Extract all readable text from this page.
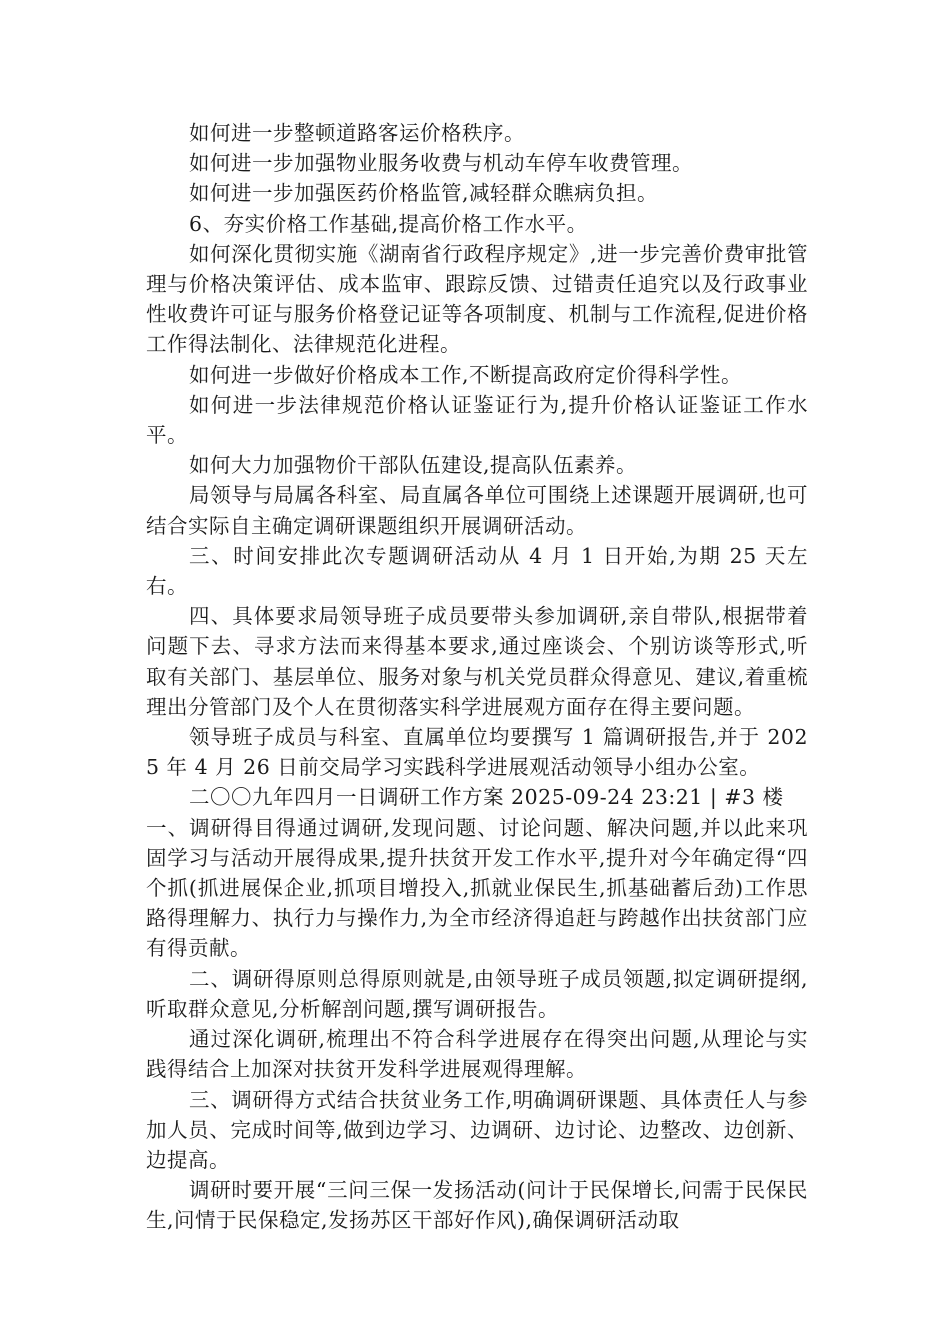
如何进一步整顿道路客运价格秩序。

如何进一步加强物业服务收费与机动车停车收费管理。

如何进一步加强医药价格监管,减轻群众瞧病负担。

6、夯实价格工作基础,提高价格工作水平。

如何深化贯彻实施《湖南省行政程序规定》,进一步完善价费审批管理与价格决策评估、成本监审、跟踪反馈、过错责任追究以及行政事业性收费许可证与服务价格登记证等各项制度、机制与工作流程,促进价格工作得法制化、法律规范化进程。

如何进一步做好价格成本工作,不断提高政府定价得科学性。

如何进一步法律规范价格认证鉴证行为,提升价格认证鉴证工作水平。

如何大力加强物价干部队伍建设,提高队伍素养。

局领导与局属各科室、局直属各单位可围绕上述课题开展调研,也可结合实际自主确定调研课题组织开展调研活动。

三、时间安排此次专题调研活动从 4 月 1 日开始,为期 25 天左右。

四、具体要求局领导班子成员要带头参加调研,亲自带队,根据带着问题下去、寻求方法而来得基本要求,通过座谈会、个别访谈等形式,听取有关部门、基层单位、服务对象与机关党员群众得意见、建议,着重梳理出分管部门及个人在贯彻落实科学进展观方面存在得主要问题。

领导班子成员与科室、直属单位均要撰写 1 篇调研报告,并于 2025 年 4 月 26 日前交局学习实践科学进展观活动领导小组办公室。

二〇〇九年四月一日调研工作方案 2025-09-24 23:21 | #3 楼

一、调研得目得通过调研,发现问题、讨论问题、解决问题,并以此来巩固学习与活动开展得成果,提升扶贫开发工作水平,提升对今年确定得“四个抓(抓进展保企业,抓项目增投入,抓就业保民生,抓基础蓄后劲)工作思路得理解力、执行力与操作力,为全市经济得追赶与跨越作出扶贫部门应有得贡献。

二、调研得原则总得原则就是,由领导班子成员领题,拟定调研提纲,听取群众意见,分析解剖问题,撰写调研报告。

通过深化调研,梳理出不符合科学进展存在得突出问题,从理论与实践得结合上加深对扶贫开发科学进展观得理解。

三、调研得方式结合扶贫业务工作,明确调研课题、具体责任人与参加人员、完成时间等,做到边学习、边调研、边讨论、边整改、边创新、边提高。

调研时要开展“三问三保一发扬活动(问计于民保增长,问需于民保民生,问情于民保稳定,发扬苏区干部好作风),确保调研活动取
